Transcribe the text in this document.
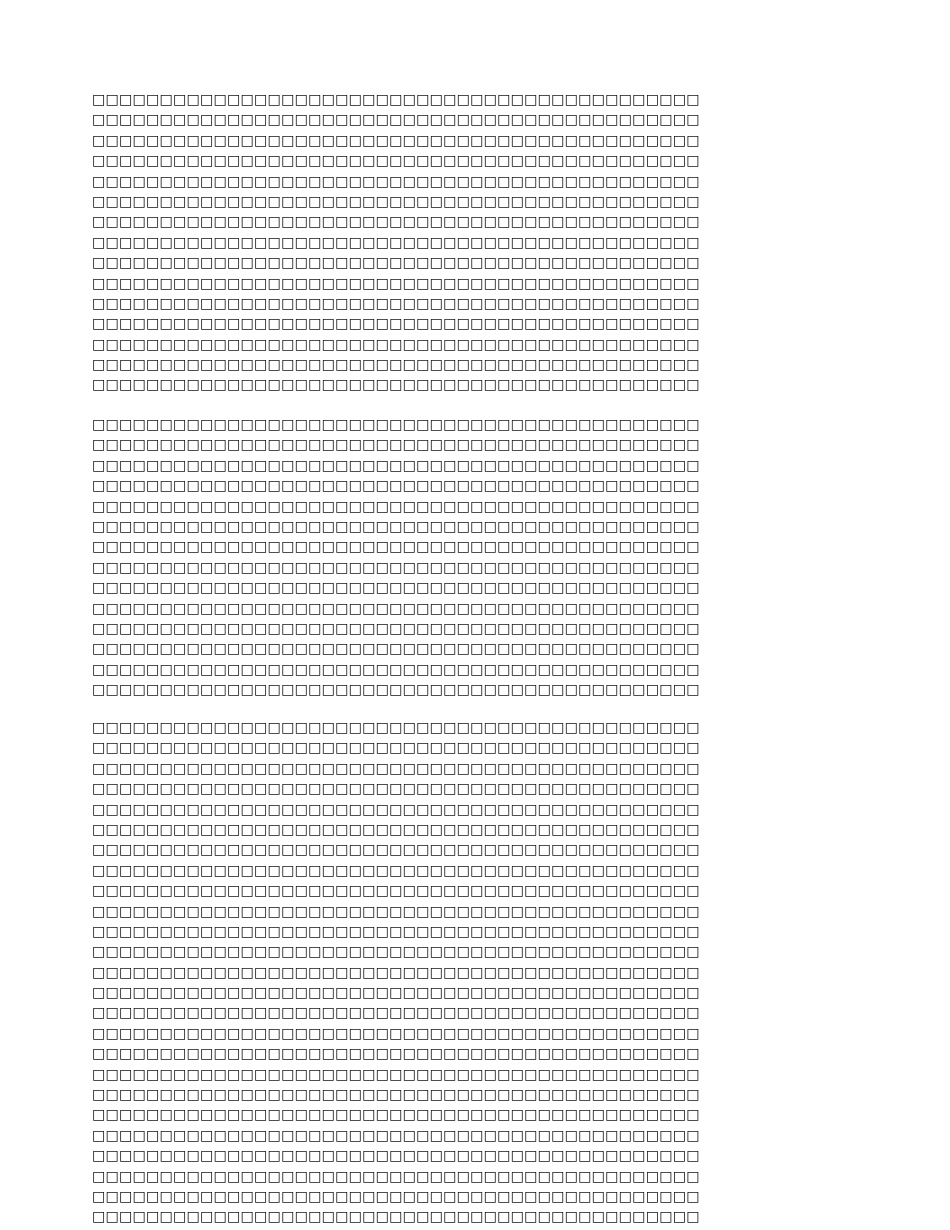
□□□□□□□□□□□□□□□□□□□□□□□□□□□□□□□□□□□□□□□□□□□□□
□□□□□□□□□□□□□□□□□□□□□□□□□□□□□□□□□□□□□□□□□□□□□
□□□□□□□□□□□□□□□□□□□□□□□□□□□□□□□□□□□□□□□□□□□□□
□□□□□□□□□□□□□□□□□□□□□□□□□□□□□□□□□□□□□□□□□□□□□
□□□□□□□□□□□□□□□□□□□□□□□□□□□□□□□□□□□□□□□□□□□□□
□□□□□□□□□□□□□□□□□□□□□□□□□□□□□□□□□□□□□□□□□□□□□
□□□□□□□□□□□□□□□□□□□□□□□□□□□□□□□□□□□□□□□□□□□□□
□□□□□□□□□□□□□□□□□□□□□□□□□□□□□□□□□□□□□□□□□□□□□
□□□□□□□□□□□□□□□□□□□□□□□□□□□□□□□□□□□□□□□□□□□□□
□□□□□□□□□□□□□□□□□□□□□□□□□□□□□□□□□□□□□□□□□□□□□
□□□□□□□□□□□□□□□□□□□□□□□□□□□□□□□□□□□□□□□□□□□□□
□□□□□□□□□□□□□□□□□□□□□□□□□□□□□□□□□□□□□□□□□□□□□
□□□□□□□□□□□□□□□□□□□□□□□□□□□□□□□□□□□□□□□□□□□□□
□□□□□□□□□□□□□□□□□□□□□□□□□□□□□□□□□□□□□□□□□□□□□
□□□□□□□□□□□□□□□□□□□□□□□□□□□□□□□□□□□□□□□□□□□□□
□□□□□□□□□□□□□□□□□□□□□□□□□□□□□□□□□□□□□□□□□□□□□
□□□□□□□□□□□□□□□□□□□□□□□□□□□□□□□□□□□□□□□□□□□□□
□□□□□□□□□□□□□□□□□□□□□□□□□□□□□□□□□□□□□□□□□□□□□
□□□□□□□□□□□□□□□□□□□□□□□□□□□□□□□□□□□□□□□□□□□□□
□□□□□□□□□□□□□□□□□□□□□□□□□□□□□□□□□□□□□□□□□□□□□
□□□□□□□□□□□□□□□□□□□□□□□□□□□□□□□□□□□□□□□□□□□□□
□□□□□□□□□□□□□□□□□□□□□□□□□□□□□□□□□□□□□□□□□□□□□
□□□□□□□□□□□□□□□□□□□□□□□□□□□□□□□□□□□□□□□□□□□□□
□□□□□□□□□□□□□□□□□□□□□□□□□□□□□□□□□□□□□□□□□□□□□
□□□□□□□□□□□□□□□□□□□□□□□□□□□□□□□□□□□□□□□□□□□□□
□□□□□□□□□□□□□□□□□□□□□□□□□□□□□□□□□□□□□□□□□□□□□
□□□□□□□□□□□□□□□□□□□□□□□□□□□□□□□□□□□□□□□□□□□□□
□□□□□□□□□□□□□□□□□□□□□□□□□□□□□□□□□□□□□□□□□□□□□
□□□□□□□□□□□□□□□□□□□□□□□□□□□□□□□□□□□□□□□□□□□□□
□□□□□□□□□□□□□□□□□□□□□□□□□□□□□□□□□□□□□□□□□□□□□
□□□□□□□□□□□□□□□□□□□□□□□□□□□□□□□□□□□□□□□□□□□□□
□□□□□□□□□□□□□□□□□□□□□□□□□□□□□□□□□□□□□□□□□□□□□
□□□□□□□□□□□□□□□□□□□□□□□□□□□□□□□□□□□□□□□□□□□□□
□□□□□□□□□□□□□□□□□□□□□□□□□□□□□□□□□□□□□□□□□□□□□
□□□□□□□□□□□□□□□□□□□□□□□□□□□□□□□□□□□□□□□□□□□□□
□□□□□□□□□□□□□□□□□□□□□□□□□□□□□□□□□□□□□□□□□□□□□
□□□□□□□□□□□□□□□□□□□□□□□□□□□□□□□□□□□□□□□□□□□□□
□□□□□□□□□□□□□□□□□□□□□□□□□□□□□□□□□□□□□□□□□□□□□
□□□□□□□□□□□□□□□□□□□□□□□□□□□□□□□□□□□□□□□□□□□□□
□□□□□□□□□□□□□□□□□□□□□□□□□□□□□□□□□□□□□□□□□□□□□
□□□□□□□□□□□□□□□□□□□□□□□□□□□□□□□□□□□□□□□□□□□□□
□□□□□□□□□□□□□□□□□□□□□□□□□□□□□□□□□□□□□□□□□□□□□
□□□□□□□□□□□□□□□□□□□□□□□□□□□□□□□□□□□□□□□□□□□□□
□□□□□□□□□□□□□□□□□□□□□□□□□□□□□□□□□□□□□□□□□□□□□
□□□□□□□□□□□□□□□□□□□□□□□□□□□□□□□□□□□□□□□□□□□□□
□□□□□□□□□□□□□□□□□□□□□□□□□□□□□□□□□□□□□□□□□□□□□
□□□□□□□□□□□□□□□□□□□□□□□□□□□□□□□□□□□□□□□□□□□□□
□□□□□□□□□□□□□□□□□□□□□□□□□□□□□□□□□□□□□□□□□□□□□
□□□□□□□□□□□□□□□□□□□□□□□□□□□□□□□□□□□□□□□□□□□□□
□□□□□□□□□□□□□□□□□□□□□□□□□□□□□□□□□□□□□□□□□□□□□
□□□□□□□□□□□□□□□□□□□□□□□□□□□□□□□□□□□□□□□□□□□□□
□□□□□□□□□□□□□□□□□□□□□□□□□□□□□□□□□□□□□□□□□□□□□
□□□□□□□□□□□□□□□□□□□□□□□□□□□□□□□□□□□□□□□□□□□□□
□□□□□□□□□□□□□□□□□□□□□□□□□□□□□□□□□□□□□□□□□□□□□
